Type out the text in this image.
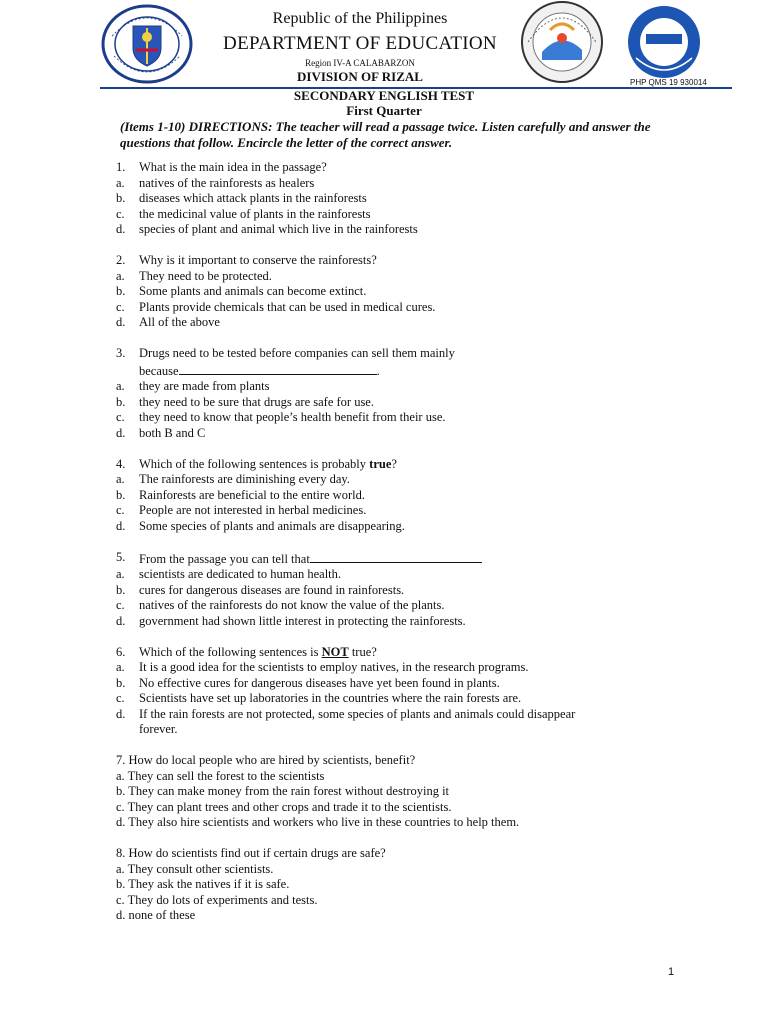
Republic of the Philippines
DEPARTMENT OF EDUCATION
Region IV-A CALABARZON
DIVISION OF RIZAL	PHP QMS 19 930014
SECONDARY ENGLISH TEST
First Quarter
(Items 1-10) DIRECTIONS: The teacher will read a passage twice. Listen carefully and answer the questions that follow. Encircle the letter of the correct answer.
1.	What is the main idea in the passage?
a.	natives of the rainforests as healers
b.	diseases which attack plants in the rainforests
c.	the medicinal value of plants in the rainforests
d.	species of plant and animal which live in the rainforests
2.	Why is it important to conserve the rainforests?
a.	They need to be protected.
b.	Some plants and animals can become extinct.
c.	Plants provide chemicals that can be used in medical cures.
d.	All of the above
3.	Drugs need to be tested before companies can sell them mainly
because	.
a.	they are made from plants
b.	they need to be sure that drugs are safe for use.
c.	they need to know that people’s health benefit from their use.
d.	both B and C
4.	Which of the following sentences is probably true?
a.	The rainforests are diminishing every day.
b.	Rainforests are beneficial to the entire world.
c.	People are not interested in herbal medicines.
d.	Some species of plants and animals are disappearing.
5.	From the passage you can tell that
a.	scientists are dedicated to human health.
b.	cures for dangerous diseases are found in rainforests.
c.	natives of the rainforests do not know the value of the plants.
d.	government had shown little interest in protecting the rainforests.
6.	Which of the following sentences is NOT true?
a.	It is a good idea for the scientists to employ natives, in the research programs.
b.	No effective cures for dangerous diseases have yet been found in plants.
c.	Scientists have set up laboratories in the countries where the rain forests are.
d.	If the rain forests are not protected, some species of plants and animals could disappear
forever.
7. How do local people who are hired by scientists, benefit?
a. They can sell the forest to the scientists
b. They can make money from the rain forest without destroying it
c. They can plant trees and other crops and trade it to the scientists.
d. They also hire scientists and workers who live in these countries to help them.
8. How do scientists find out if certain drugs are safe?
a. They consult other scientists.
b. They ask the natives if it is safe.
c. They do lots of experiments and tests.
d. none of these
1
